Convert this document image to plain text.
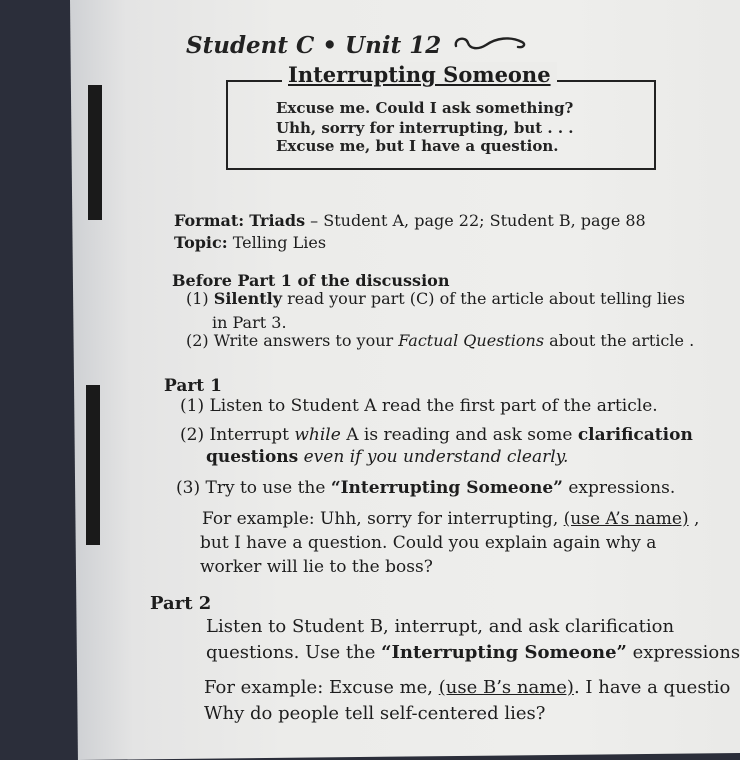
Student C • Unit 12
Interrupting Someone
Excuse me. Could I ask something?
Uhh, sorry for interrupting, but . . .
Excuse me, but I have a question.
Format: Triads – Student A, page 22; Student B, page 88
Topic: Telling Lies
Before Part 1 of the discussion
(1) Silently read your part (C) of the article about telling lies
in Part 3.
(2) Write answers to your Factual Questions about the article .
Part 1
(1) Listen to Student A read the first part of the article.
(2) Interrupt while A is reading and ask some clarification
questions even if you understand clearly.
(3) Try to use the “Interrupting Someone” expressions.
For example: Uhh, sorry for interrupting, (use A’s name) ,
but I have a question. Could you explain again why a
worker will lie to the boss?
Part 2
Listen to Student B, interrupt, and ask clarification
questions. Use the “Interrupting Someone” expressions
For example: Excuse me, (use B’s name). I have a questio
Why do people tell self-centered lies?
